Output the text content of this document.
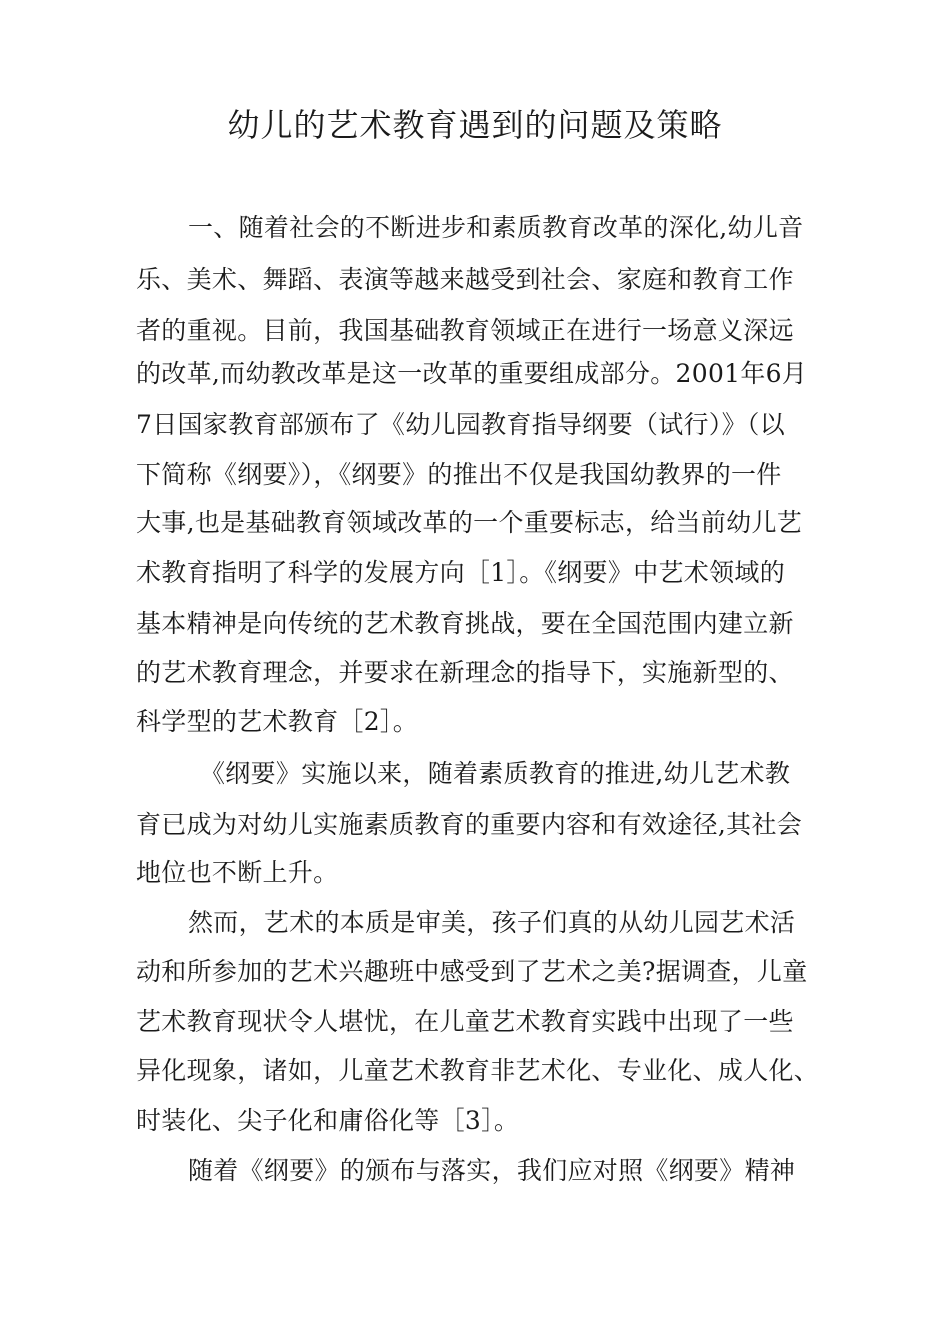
幼儿的艺术教育遇到的问题及策略
一、随着社会的不断进步和素质教育改革的深化,幼儿音
乐、美术、舞蹈、表演等越来越受到社会、家庭和教育工作
者的重视。目前，我国基础教育领域正在进行一场意义深远
的改革,而幼教改革是这一改革的重要组成部分。2001年6月
7日国家教育部颁布了《幼儿园教育指导纲要（试行）》（以
下简称《纲要》），《纲要》的推出不仅是我国幼教界的一件
大事,也是基础教育领域改革的一个重要标志，给当前幼儿艺
术教育指明了科学的发展方向［1］。《纲要》中艺术领域的
基本精神是向传统的艺术教育挑战，要在全国范围内建立新
的艺术教育理念，并要求在新理念的指导下，实施新型的、
科学型的艺术教育［2］。
《纲要》实施以来，随着素质教育的推进,幼儿艺术教
育已成为对幼儿实施素质教育的重要内容和有效途径,其社会
地位也不断上升。
然而，艺术的本质是审美，孩子们真的从幼儿园艺术活
动和所参加的艺术兴趣班中感受到了艺术之美?据调查，儿童
艺术教育现状令人堪忧，在儿童艺术教育实践中出现了一些
异化现象，诸如，儿童艺术教育非艺术化、专业化、成人化、
时装化、尖子化和庸俗化等［3］。
随着《纲要》的颁布与落实，我们应对照《纲要》精神
